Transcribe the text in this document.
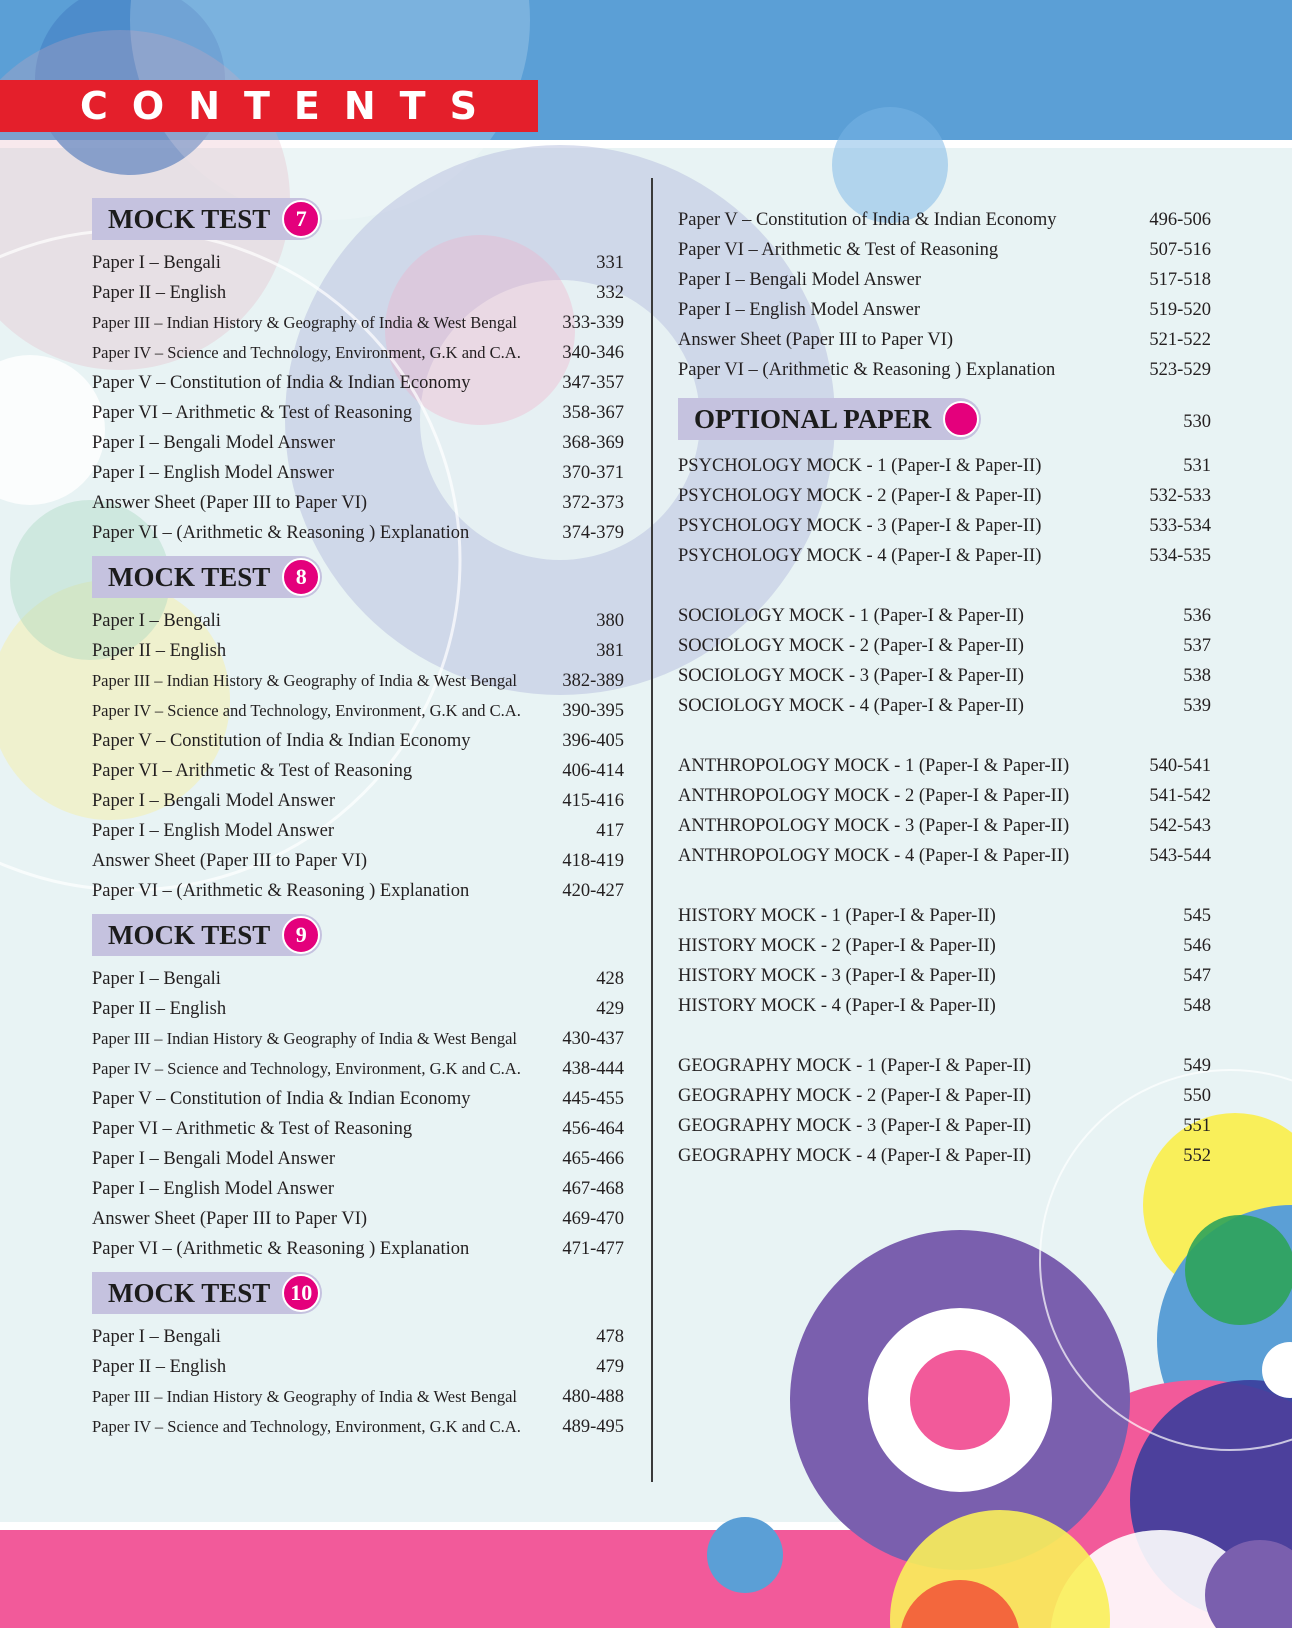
CONTENTS
MOCK TEST	7
Paper I – Bengali	331
Paper II – English	332
Paper III – Indian History & Geography of India & West Bengal 333-339
Paper IV – Science and Technology, Environment, G.K and C.A. 340-346
Paper V – Constitution of India & Indian Economy	347-357
Paper VI – Arithmetic & Test of Reasoning	358-367
Paper I – Bengali Model Answer	368-369
Paper I – English Model Answer	370-371
Answer Sheet (Paper III to Paper VI)	372-373
Paper VI – (Arithmetic & Reasoning ) Explanation	374-379
MOCK TEST	8
Paper I – Bengali	380
Paper II – English	381
Paper III – Indian History & Geography of India & West Bengal 382-389
Paper IV – Science and Technology, Environment, G.K and C.A. 390-395
Paper V – Constitution of India & Indian Economy	396-405
Paper VI – Arithmetic & Test of Reasoning	406-414
Paper I – Bengali Model Answer	415-416
Paper I – English Model Answer	417
Answer Sheet (Paper III to Paper VI)	418-419
Paper VI – (Arithmetic & Reasoning ) Explanation	420-427
MOCK TEST	9
Paper I – Bengali	428
Paper II – English	429
Paper III – Indian History & Geography of India & West Bengal 430-437
Paper IV – Science and Technology, Environment, G.K and C.A. 438-444
Paper V – Constitution of India & Indian Economy	445-455
Paper VI – Arithmetic & Test of Reasoning	456-464
Paper I – Bengali Model Answer	465-466
Paper I – English Model Answer	467-468
Answer Sheet (Paper III to Paper VI)	469-470
Paper VI – (Arithmetic & Reasoning ) Explanation	471-477
MOCK TEST 10
Paper I – Bengali	478
Paper II – English	479
Paper III – Indian History & Geography of India & West Bengal 480-488
Paper IV – Science and Technology, Environment, G.K and C.A. 489-495
Paper V – Constitution of India & Indian Economy	496-506
Paper VI – Arithmetic & Test of Reasoning	507-516
Paper I – Bengali Model Answer	517-518
Paper I – English Model Answer	519-520
Answer Sheet (Paper III to Paper VI)	521-522
Paper VI – (Arithmetic & Reasoning ) Explanation	523-529
OPTIONAL PAPER	530
PSYCHOLOGY MOCK - 1 (Paper-I & Paper-II)	531
PSYCHOLOGY MOCK - 2 (Paper-I & Paper-II)	532-533
PSYCHOLOGY MOCK - 3 (Paper-I & Paper-II)	533-534
PSYCHOLOGY MOCK - 4 (Paper-I & Paper-II)	534-535
SOCIOLOGY MOCK - 1 (Paper-I & Paper-II)	536
SOCIOLOGY MOCK - 2 (Paper-I & Paper-II)	537
SOCIOLOGY MOCK - 3 (Paper-I & Paper-II)	538
SOCIOLOGY MOCK - 4 (Paper-I & Paper-II)	539
ANTHROPOLOGY MOCK - 1 (Paper-I & Paper-II)	540-541
ANTHROPOLOGY MOCK - 2 (Paper-I & Paper-II)	541-542
ANTHROPOLOGY MOCK - 3 (Paper-I & Paper-II)	542-543
ANTHROPOLOGY MOCK - 4 (Paper-I & Paper-II)	543-544
HISTORY MOCK - 1 (Paper-I & Paper-II)	545
HISTORY MOCK - 2 (Paper-I & Paper-II)	546
HISTORY MOCK - 3 (Paper-I & Paper-II)	547
HISTORY MOCK - 4 (Paper-I & Paper-II)	548
GEOGRAPHY MOCK - 1 (Paper-I & Paper-II)	549
GEOGRAPHY MOCK - 2 (Paper-I & Paper-II)	550
GEOGRAPHY MOCK - 3 (Paper-I & Paper-II)	551
GEOGRAPHY MOCK - 4 (Paper-I & Paper-II)	552
